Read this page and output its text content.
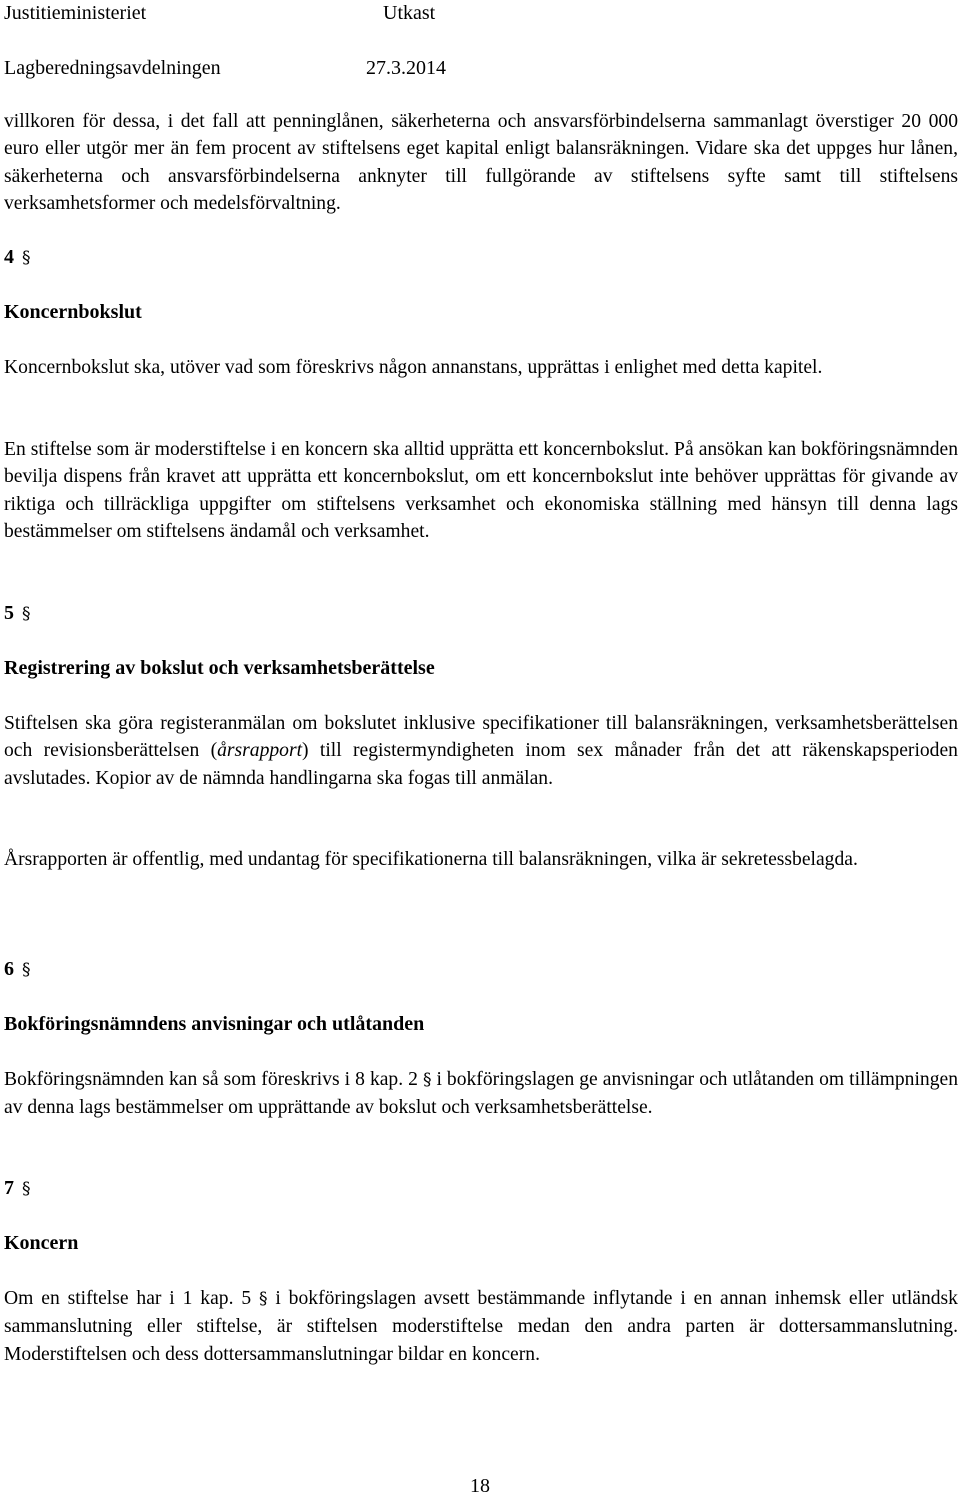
Justitieministeriet	Utkast
Lagberedningsavdelningen	27.3.2014

villkoren för dessa, i det fall att penninglånen, säkerheterna och ansvarsförbindelserna sammanlagt överstiger 20 000 euro eller utgör mer än fem procent av stiftelsens eget kapital enligt balansräkningen. Vidare ska det uppges hur lånen, säkerheterna och ansvarsförbindelserna anknyter till fullgörande av stiftelsens syfte samt till stiftelsens verksamhetsformer och medelsförvaltning.

4 §
Koncernbokslut

Koncernbokslut ska, utöver vad som föreskrivs någon annanstans, upprättas i enlighet med detta kapitel.

En stiftelse som är moderstiftelse i en koncern ska alltid upprätta ett koncernbokslut. På ansökan kan bokföringsnämnden bevilja dispens från kravet att upprätta ett koncernbokslut, om ett koncernbokslut inte behöver upprättas för givande av riktiga och tillräckliga uppgifter om stiftelsens verksamhet och ekonomiska ställning med hänsyn till denna lags bestämmelser om stiftelsens ändamål och verksamhet.

5 §
Registrering av bokslut och verksamhetsberättelse

Stiftelsen ska göra registeranmälan om bokslutet inklusive specifikationer till balansräkningen, verksamhetsberättelsen och revisionsberättelsen (årsrapport) till registermyndigheten inom sex månader från det att räkenskapsperioden avslutades. Kopior av de nämnda handlingarna ska fogas till anmälan.

Årsrapporten är offentlig, med undantag för specifikationerna till balansräkningen, vilka är sekretessbelagda.

6 §
Bokföringsnämndens anvisningar och utlåtanden

Bokföringsnämnden kan så som föreskrivs i 8 kap. 2 § i bokföringslagen ge anvisningar och utlåtanden om tillämpningen av denna lags bestämmelser om upprättande av bokslut och verksamhetsberättelse.

7 §
Koncern

Om en stiftelse har i 1 kap. 5 § i bokföringslagen avsett bestämmande inflytande i en annan inhemsk eller utländsk sammanslutning eller stiftelse, är stiftelsen moderstiftelse medan den andra parten är dottersammanslutning. Moderstiftelsen och dess dottersammanslutningar bildar en koncern.

18
